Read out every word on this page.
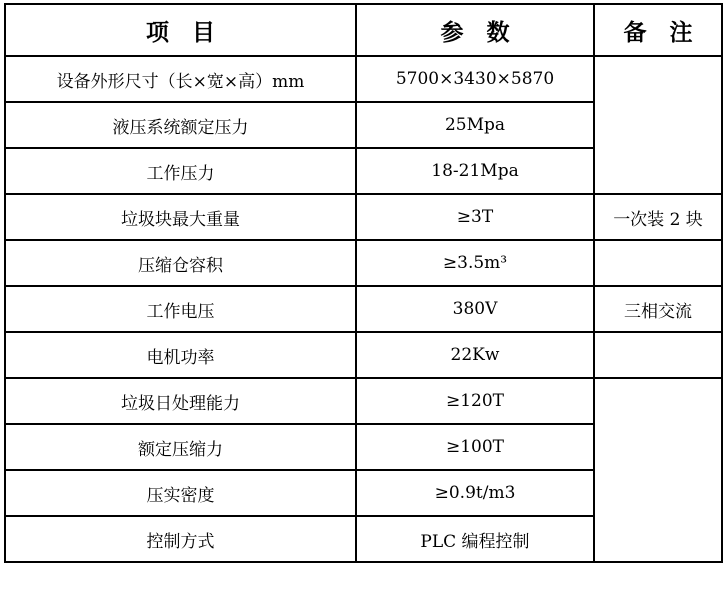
项　目	参　数	备　注
设备外形尺寸（长×宽×高）mm	5700×3430×5870	
液压系统额定压力	25Mpa	
工作压力	18-21Mpa	
垃圾块最大重量	≥3T	一次装 2 块
压缩仓容积	≥3.5m³	
工作电压	380V	三相交流
电机功率	22Kw	
垃圾日处理能力	≥120T	
额定压缩力	≥100T	
压实密度	≥0.9t/m3	
控制方式	PLC 编程控制	
